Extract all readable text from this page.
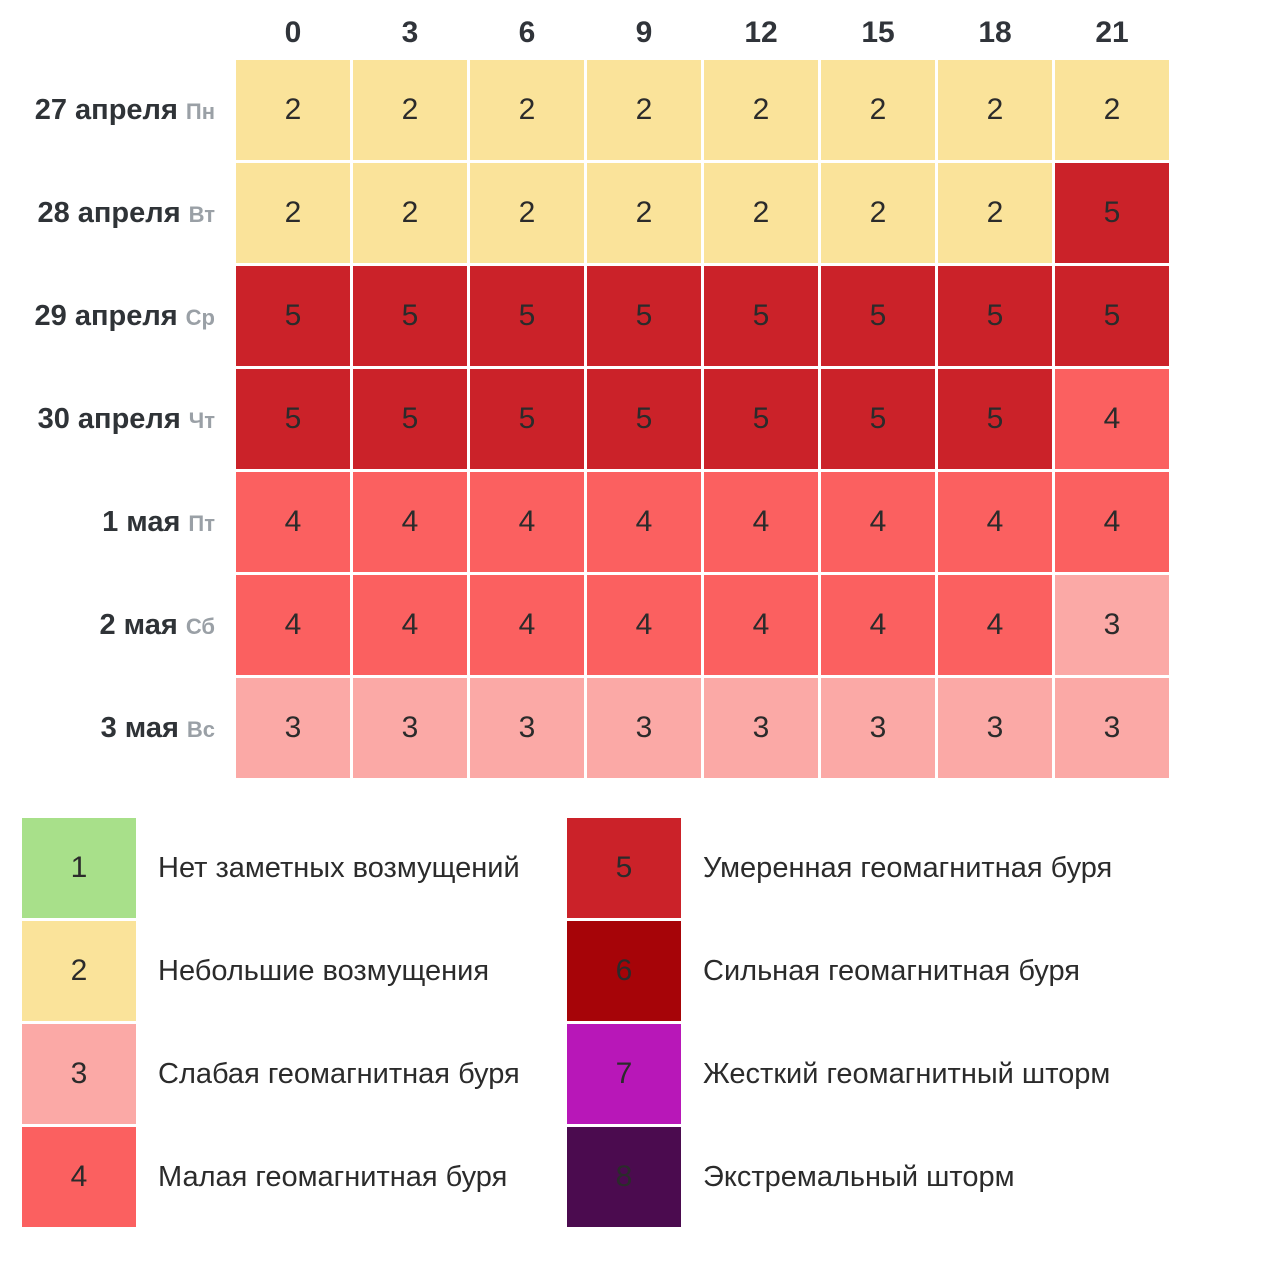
	0	3	6	9	12	15	18	21
27 апреля Пн	2	2	2	2	2	2	2	2
28 апреля Вт	2	2	2	2	2	2	2	5
29 апреля Ср	5	5	5	5	5	5	5	5
30 апреля Чт	5	5	5	5	5	5	5	4
1 мая Пт	4	4	4	4	4	4	4	4
2 мая Сб	4	4	4	4	4	4	4	3
3 мая Вс	3	3	3	3	3	3	3	3
1	Нет заметных возмущений
2	Небольшие возмущения
3	Слабая геомагнитная буря
4	Малая геомагнитная буря
5	Умеренная геомагнитная буря
6	Сильная геомагнитная буря
7	Жесткий геомагнитный шторм
8	Экстремальный шторм
